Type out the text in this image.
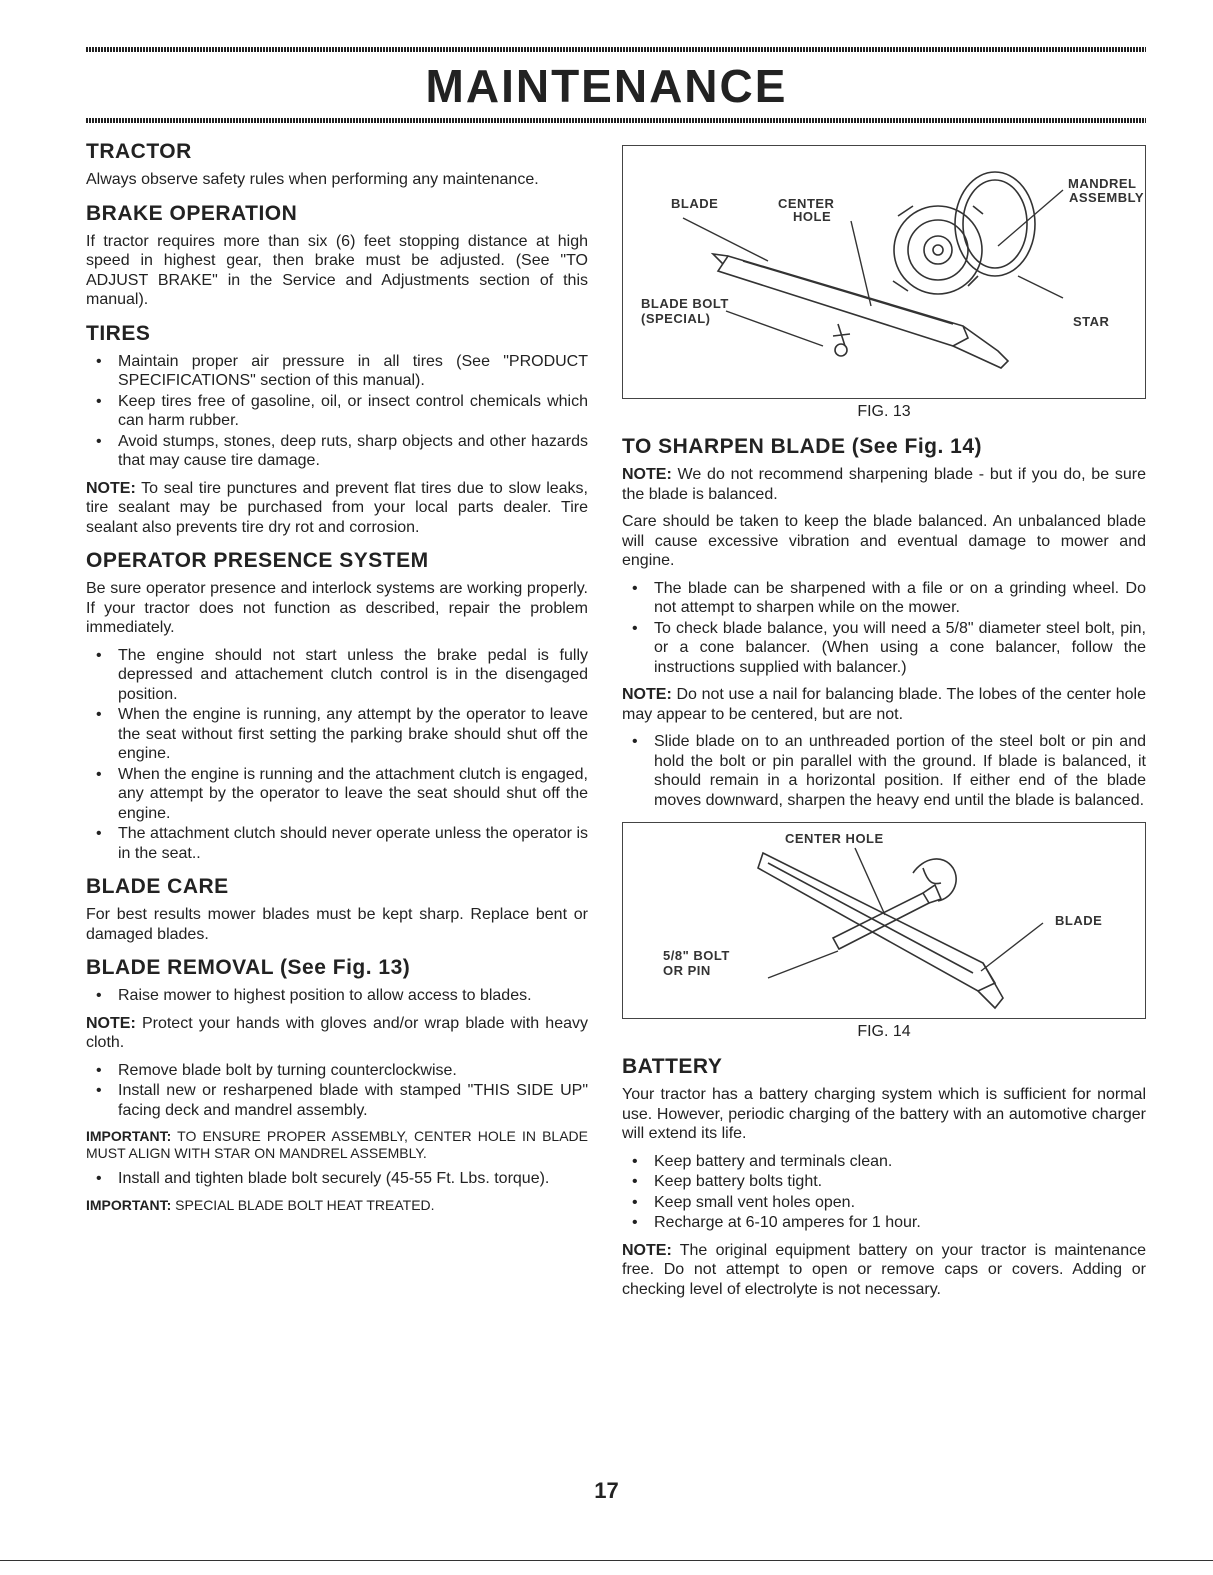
MAINTENANCE
TRACTOR

Always observe safety rules when performing any maintenance.

BRAKE OPERATION

If tractor requires more than six (6) feet stopping distance at high speed in highest gear, then brake must be adjusted. (See "TO ADJUST BRAKE" in the Service and Adjustments section of this manual).

TIRES
• Maintain proper air pressure in all tires (See "PRODUCT SPECIFICATIONS" section of this manual).
• Keep tires free of gasoline, oil, or insect control chemicals which can harm rubber.
• Avoid stumps, stones, deep ruts, sharp objects and other hazards that may cause tire damage.

NOTE: To seal tire punctures and prevent flat tires due to slow leaks, tire sealant may be purchased from your local parts dealer. Tire sealant also prevents tire dry rot and corrosion.

OPERATOR PRESENCE SYSTEM

Be sure operator presence and interlock systems are working properly. If your tractor does not function as described, repair the problem immediately.

• The engine should not start unless the brake pedal is fully depressed and attachement clutch control is in the disengaged position.
• When the engine is running, any attempt by the operator to leave the seat without first setting the parking brake should shut off the engine.
• When the engine is running and the attachment clutch is engaged, any attempt by the operator to leave the seat should shut off the engine.
• The attachment clutch should never operate unless the operator is in the seat..
BLADE CARE

For best results mower blades must be kept sharp. Replace bent or damaged blades.

BLADE REMOVAL (See Fig. 13)
• Raise mower to highest position to allow access to blades.

NOTE: Protect your hands with gloves and/or wrap blade with heavy cloth.

• Remove blade bolt by turning counterclockwise.
• Install new or resharpened blade with stamped "THIS SIDE UP" facing deck and mandrel assembly.

IMPORTANT: TO ENSURE PROPER ASSEMBLY, CENTER HOLE IN BLADE MUST ALIGN WITH STAR ON MANDREL ASSEMBLY.

• Install and tighten blade bolt securely (45-55 Ft. Lbs. torque).

IMPORTANT: SPECIAL BLADE BOLT HEAT TREATED.

MANDREL
ASSEMBLY
BLADE	CENTER
HOLE
BLADE BOLT
(SPECIAL)	STAR
FIG. 13
TO SHARPEN BLADE (See Fig. 14)

NOTE: We do not recommend sharpening blade - but if you do, be sure the blade is balanced.

Care should be taken to keep the blade balanced. An unbalanced blade will cause excessive vibration and eventual damage to mower and engine.

• The blade can be sharpened with a file or on a grinding wheel. Do not attempt to sharpen while on the mower.
• To check blade balance, you will need a 5/8" diameter steel bolt, pin, or a cone balancer. (When using a cone balancer, follow the instructions supplied with balancer.)

NOTE: Do not use a nail for balancing blade. The lobes of the center hole may appear to be centered, but are not.

• Slide blade on to an unthreaded portion of the steel bolt or pin and hold the bolt or pin parallel with the ground. If blade is balanced, it should remain in a horizontal position. If either end of the blade moves downward, sharpen the heavy end until the blade is balanced.
CENTER HOLE
BLADE
5/8" BOLT
OR PIN
FIG. 14
BATTERY

Your tractor has a battery charging system which is sufficient for normal use. However, periodic charging of the battery with an automotive charger will extend its life.

• Keep battery and terminals clean.
• Keep battery bolts tight.
• Keep small vent holes open.
• Recharge at 6-10 amperes for 1 hour.

NOTE: The original equipment battery on your tractor is maintenance free. Do not attempt to open or remove caps or covers. Adding or checking level of electrolyte is not necessary.

17
